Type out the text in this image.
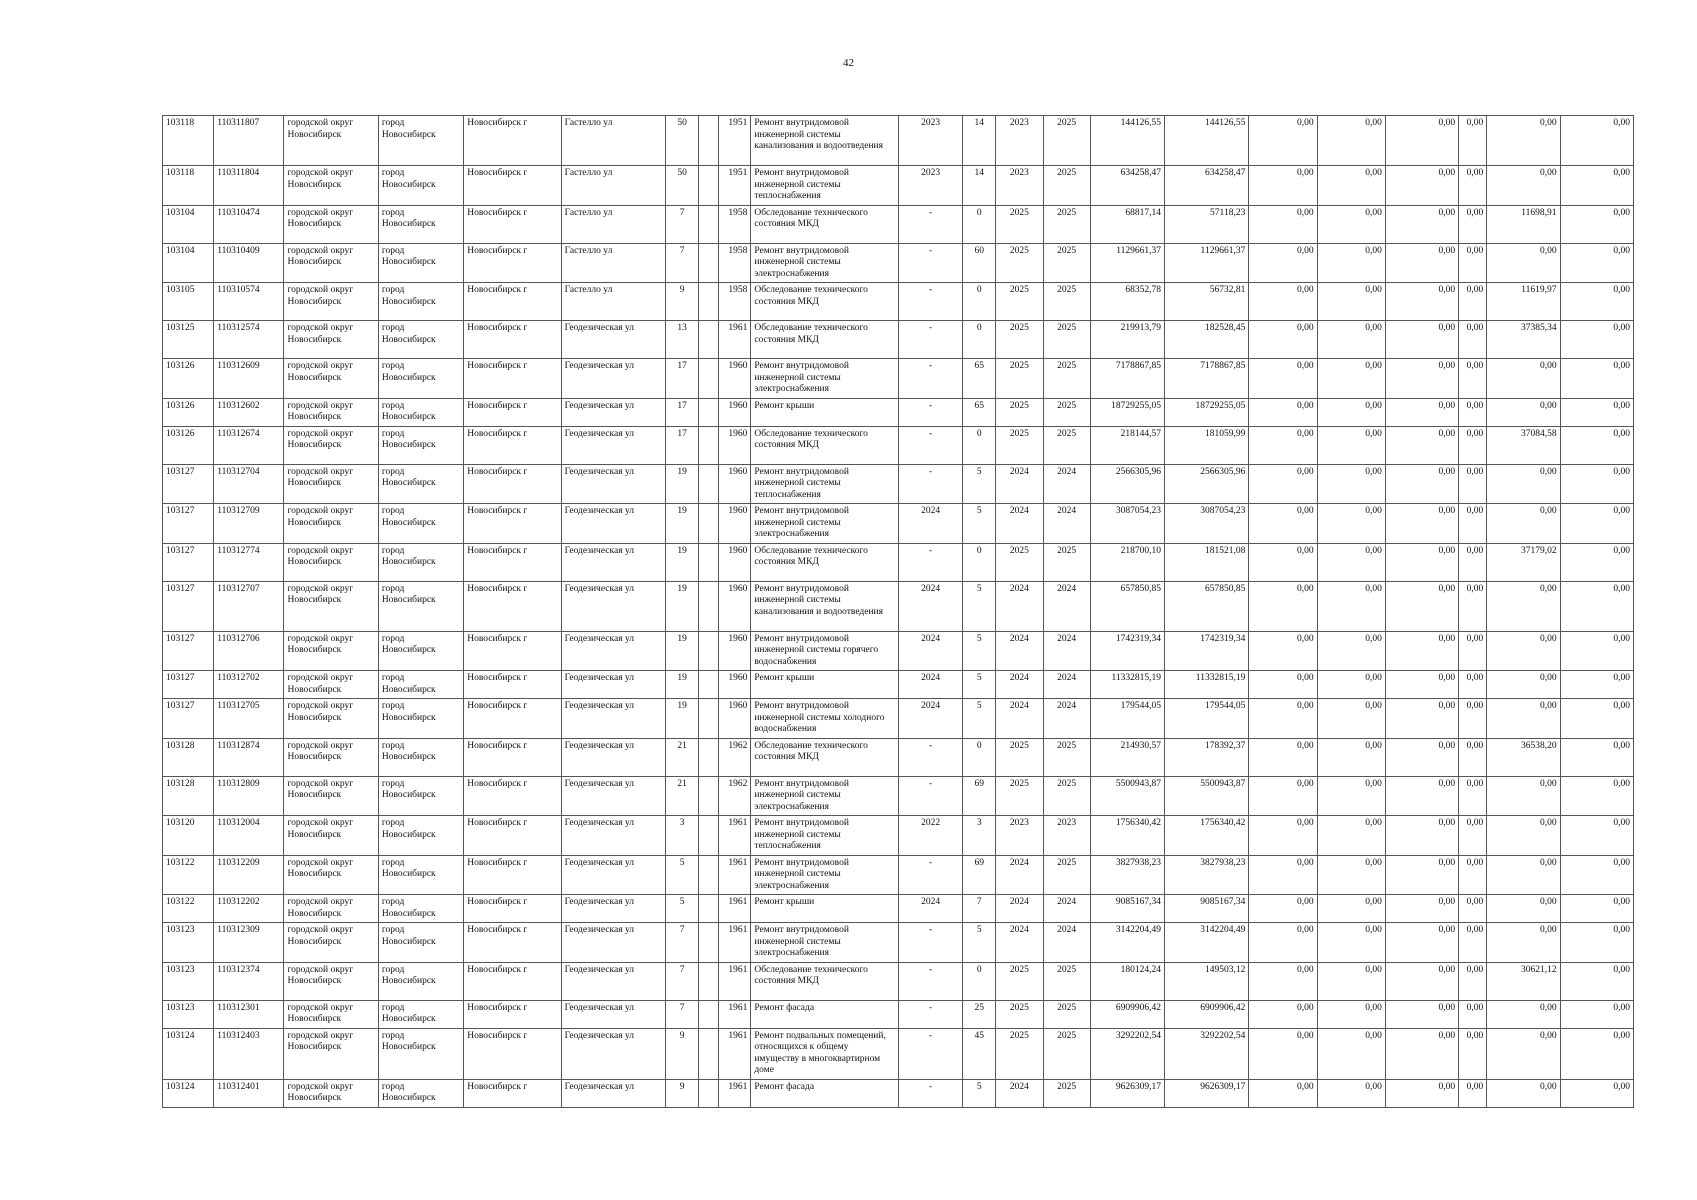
42
103118	110311807	городской округ Новосибирск	город Новосибирск	Новосибирск г	Гастелло ул	50		1951	Ремонт внутридомовой инженерной системы канализования и водоотведения	2023	14	2023	2025	144126,55	144126,55	0,00	0,00	0,00	0,00	0,00	0,00
103118	110311804	городской округ Новосибирск	город Новосибирск	Новосибирск г	Гастелло ул	50		1951	Ремонт внутридомовой инженерной системы теплоснабжения	2023	14	2023	2025	634258,47	634258,47	0,00	0,00	0,00	0,00	0,00	0,00
103104	110310474	городской округ Новосибирск	город Новосибирск	Новосибирск г	Гастелло ул	7		1958	Обследование технического состояния МКД	-	0	2025	2025	68817,14	57118,23	0,00	0,00	0,00	0,00	11698,91	0,00
103104	110310409	городской округ Новосибирск	город Новосибирск	Новосибирск г	Гастелло ул	7		1958	Ремонт внутридомовой инженерной системы электроснабжения	-	60	2025	2025	1129661,37	1129661,37	0,00	0,00	0,00	0,00	0,00	0,00
103105	110310574	городской округ Новосибирск	город Новосибирск	Новосибирск г	Гастелло ул	9		1958	Обследование технического состояния МКД	-	0	2025	2025	68352,78	56732,81	0,00	0,00	0,00	0,00	11619,97	0,00
103125	110312574	городской округ Новосибирск	город Новосибирск	Новосибирск г	Геодезическая ул	13		1961	Обследование технического состояния МКД	-	0	2025	2025	219913,79	182528,45	0,00	0,00	0,00	0,00	37385,34	0,00
103126	110312609	городской округ Новосибирск	город Новосибирск	Новосибирск г	Геодезическая ул	17		1960	Ремонт внутридомовой инженерной системы электроснабжения	-	65	2025	2025	7178867,85	7178867,85	0,00	0,00	0,00	0,00	0,00	0,00
103126	110312602	городской округ Новосибирск	город Новосибирск	Новосибирск г	Геодезическая ул	17		1960	Ремонт крыши	-	65	2025	2025	18729255,05	18729255,05	0,00	0,00	0,00	0,00	0,00	0,00
103126	110312674	городской округ Новосибирск	город Новосибирск	Новосибирск г	Геодезическая ул	17		1960	Обследование технического состояния МКД	-	0	2025	2025	218144,57	181059,99	0,00	0,00	0,00	0,00	37084,58	0,00
103127	110312704	городской округ Новосибирск	город Новосибирск	Новосибирск г	Геодезическая ул	19		1960	Ремонт внутридомовой инженерной системы теплоснабжения	-	5	2024	2024	2566305,96	2566305,96	0,00	0,00	0,00	0,00	0,00	0,00
103127	110312709	городской округ Новосибирск	город Новосибирск	Новосибирск г	Геодезическая ул	19		1960	Ремонт внутридомовой инженерной системы электроснабжения	2024	5	2024	2024	3087054,23	3087054,23	0,00	0,00	0,00	0,00	0,00	0,00
103127	110312774	городской округ Новосибирск	город Новосибирск	Новосибирск г	Геодезическая ул	19		1960	Обследование технического состояния МКД	-	0	2025	2025	218700,10	181521,08	0,00	0,00	0,00	0,00	37179,02	0,00
103127	110312707	городской округ Новосибирск	город Новосибирск	Новосибирск г	Геодезическая ул	19		1960	Ремонт внутридомовой инженерной системы канализования и водоотведения	2024	5	2024	2024	657850,85	657850,85	0,00	0,00	0,00	0,00	0,00	0,00
103127	110312706	городской округ Новосибирск	город Новосибирск	Новосибирск г	Геодезическая ул	19		1960	Ремонт внутридомовой инженерной системы горячего водоснабжения	2024	5	2024	2024	1742319,34	1742319,34	0,00	0,00	0,00	0,00	0,00	0,00
103127	110312702	городской округ Новосибирск	город Новосибирск	Новосибирск г	Геодезическая ул	19		1960	Ремонт крыши	2024	5	2024	2024	11332815,19	11332815,19	0,00	0,00	0,00	0,00	0,00	0,00
103127	110312705	городской округ Новосибирск	город Новосибирск	Новосибирск г	Геодезическая ул	19		1960	Ремонт внутридомовой инженерной системы холодного водоснабжения	2024	5	2024	2024	179544,05	179544,05	0,00	0,00	0,00	0,00	0,00	0,00
103128	110312874	городской округ Новосибирск	город Новосибирск	Новосибирск г	Геодезическая ул	21		1962	Обследование технического состояния МКД	-	0	2025	2025	214930,57	178392,37	0,00	0,00	0,00	0,00	36538,20	0,00
103128	110312809	городской округ Новосибирск	город Новосибирск	Новосибирск г	Геодезическая ул	21		1962	Ремонт внутридомовой инженерной системы электроснабжения	-	69	2025	2025	5500943,87	5500943,87	0,00	0,00	0,00	0,00	0,00	0,00
103120	110312004	городской округ Новосибирск	город Новосибирск	Новосибирск г	Геодезическая ул	3		1961	Ремонт внутридомовой инженерной системы теплоснабжения	2022	3	2023	2023	1756340,42	1756340,42	0,00	0,00	0,00	0,00	0,00	0,00
103122	110312209	городской округ Новосибирск	город Новосибирск	Новосибирск г	Геодезическая ул	5		1961	Ремонт внутридомовой инженерной системы электроснабжения	-	69	2024	2025	3827938,23	3827938,23	0,00	0,00	0,00	0,00	0,00	0,00
103122	110312202	городской округ Новосибирск	город Новосибирск	Новосибирск г	Геодезическая ул	5		1961	Ремонт крыши	2024	7	2024	2024	9085167,34	9085167,34	0,00	0,00	0,00	0,00	0,00	0,00
103123	110312309	городской округ Новосибирск	город Новосибирск	Новосибирск г	Геодезическая ул	7		1961	Ремонт внутридомовой инженерной системы электроснабжения	-	5	2024	2024	3142204,49	3142204,49	0,00	0,00	0,00	0,00	0,00	0,00
103123	110312374	городской округ Новосибирск	город Новосибирск	Новосибирск г	Геодезическая ул	7		1961	Обследование технического состояния МКД	-	0	2025	2025	180124,24	149503,12	0,00	0,00	0,00	0,00	30621,12	0,00
103123	110312301	городской округ Новосибирск	город Новосибирск	Новосибирск г	Геодезическая ул	7		1961	Ремонт фасада	-	25	2025	2025	6909906,42	6909906,42	0,00	0,00	0,00	0,00	0,00	0,00
103124	110312403	городской округ Новосибирск	город Новосибирск	Новосибирск г	Геодезическая ул	9		1961	Ремонт подвальных помещений, относящихся к общему имуществу в многоквартирном доме	-	45	2025	2025	3292202,54	3292202,54	0,00	0,00	0,00	0,00	0,00	0,00
103124	110312401	городской округ Новосибирск	город Новосибирск	Новосибирск г	Геодезическая ул	9		1961	Ремонт фасада	-	5	2024	2025	9626309,17	9626309,17	0,00	0,00	0,00	0,00	0,00	0,00
